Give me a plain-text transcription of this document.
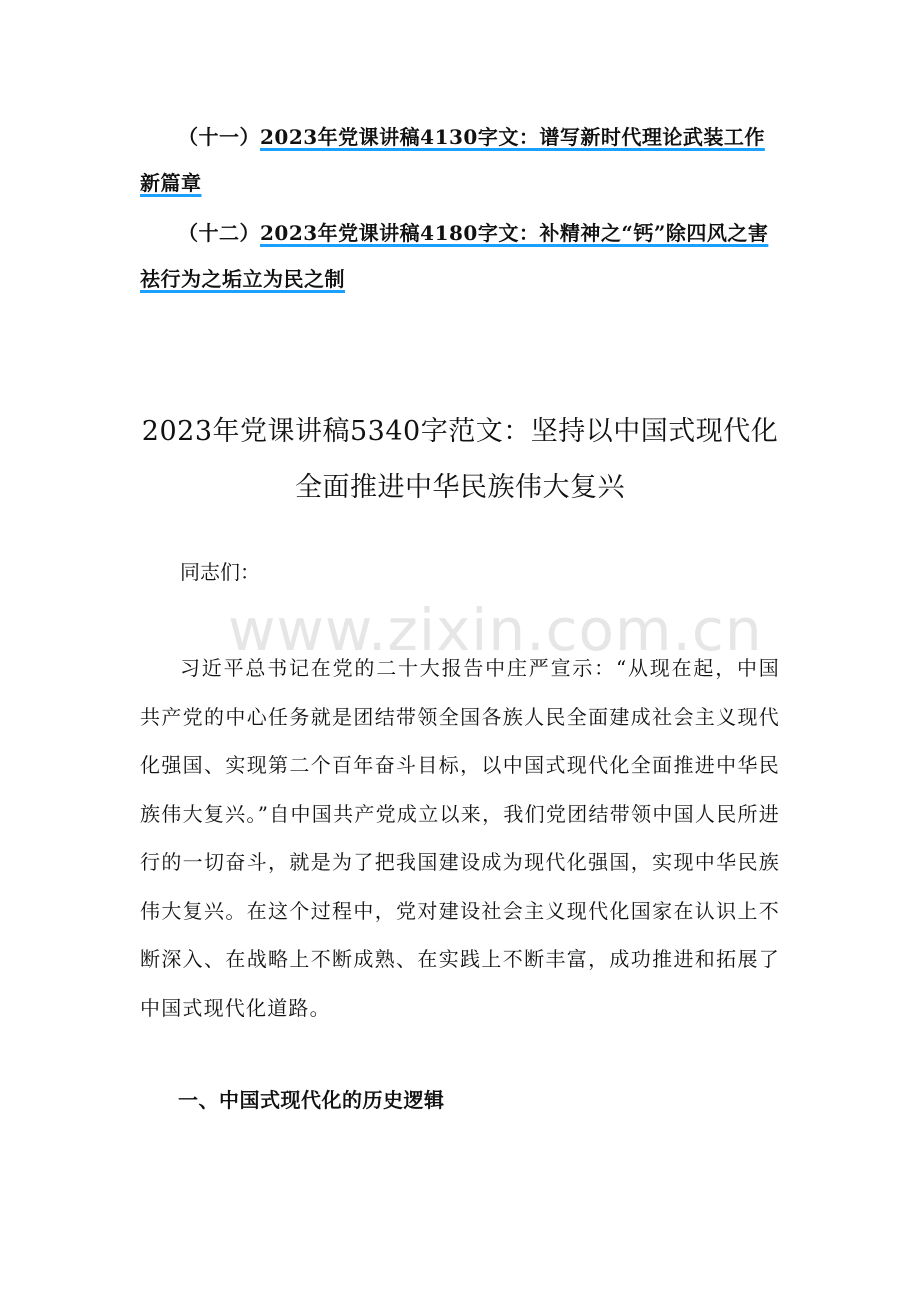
（十一）2023年党课讲稿4130字文：谱写新时代理论武装工作新篇章
（十二）2023年党课讲稿4180字文：补精神之“钙”除四风之害祛行为之垢立为民之制
2023年党课讲稿5340字范文：坚持以中国式现代化
全面推进中华民族伟大复兴
同志们：
www.zixin.com.cn
习近平总书记在党的二十大报告中庄严宣示：“从现在起，中国共产党的中心任务就是团结带领全国各族人民全面建成社会主义现代化强国、实现第二个百年奋斗目标，以中国式现代化全面推进中华民族伟大复兴。”自中国共产党成立以来，我们党团结带领中国人民所进行的一切奋斗，就是为了把我国建设成为现代化强国，实现中华民族伟大复兴。在这个过程中，党对建设社会主义现代化国家在认识上不断深入、在战略上不断成熟、在实践上不断丰富，成功推进和拓展了中国式现代化道路。
一、中国式现代化的历史逻辑
